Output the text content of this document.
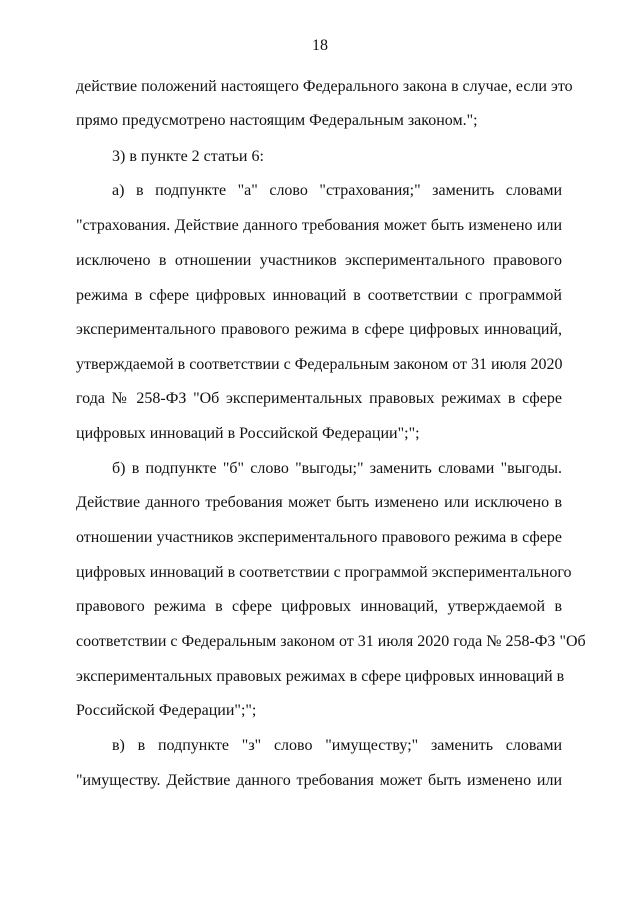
18
действие положений настоящего Федерального закона в случае, если это
прямо предусмотрено настоящим Федеральным законом.";
3) в пункте 2 статьи 6:
а) в подпункте "а" слово "страхования;" заменить словами
"страхования. Действие данного требования может быть изменено или
исключено в отношении участников экспериментального правового
режима в сфере цифровых инноваций в соответствии с программой
экспериментального правового режима в сфере цифровых инноваций,
утверждаемой в соответствии с Федеральным законом от 31 июля 2020
года № 258-ФЗ "Об экспериментальных правовых режимах в сфере
цифровых инноваций в Российской Федерации";";
б) в подпункте "б" слово "выгоды;" заменить словами "выгоды.
Действие данного требования может быть изменено или исключено в
отношении участников экспериментального правового режима в сфере
цифровых инноваций в соответствии с программой экспериментального
правового режима в сфере цифровых инноваций, утверждаемой в
соответствии с Федеральным законом от 31 июля 2020 года № 258-ФЗ "Об
экспериментальных правовых режимах в сфере цифровых инноваций в
Российской Федерации";";
в) в подпункте "з" слово "имуществу;" заменить словами
"имуществу. Действие данного требования может быть изменено или
